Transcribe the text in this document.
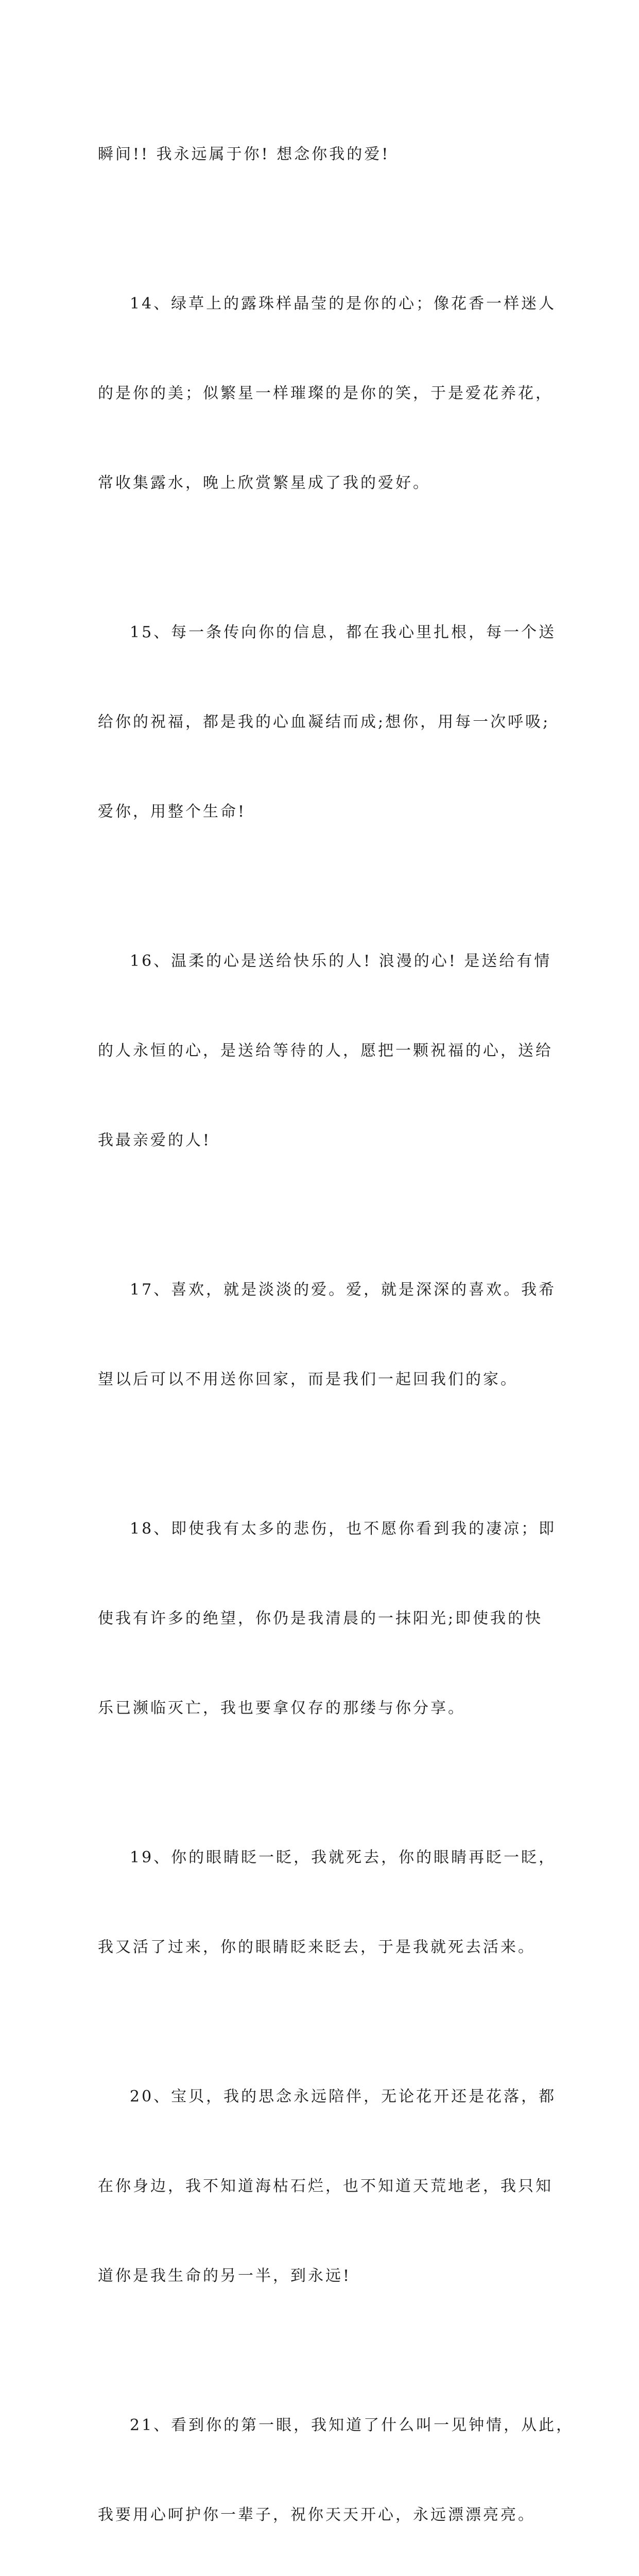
瞬间!! 我永远属于你! 想念你我的爱!

14、绿草上的露珠样晶莹的是你的心；像花香一样迷人

的是你的美；似繁星一样璀璨的是你的笑，于是爱花养花，

常收集露水，晚上欣赏繁星成了我的爱好。

15、每一条传向你的信息，都在我心里扎根，每一个送

给你的祝福，都是我的心血凝结而成;想你，用每一次呼吸;

爱你，用整个生命!

16、温柔的心是送给快乐的人! 浪漫的心! 是送给有情

的人永恒的心，是送给等待的人，愿把一颗祝福的心，送给

我最亲爱的人!

17、喜欢，就是淡淡的爱。爱，就是深深的喜欢。我希

望以后可以不用送你回家，而是我们一起回我们的家。

18、即使我有太多的悲伤，也不愿你看到我的凄凉；即

使我有许多的绝望，你仍是我清晨的一抹阳光;即使我的快

乐已濒临灭亡，我也要拿仅存的那缕与你分享。

19、你的眼睛眨一眨，我就死去，你的眼睛再眨一眨，

我又活了过来，你的眼睛眨来眨去，于是我就死去活来。

20、宝贝，我的思念永远陪伴，无论花开还是花落，都

在你身边，我不知道海枯石烂，也不知道天荒地老，我只知

道你是我生命的另一半，到永远!

21、看到你的第一眼，我知道了什么叫一见钟情，从此，

我要用心呵护你一辈子，祝你天天开心，永远漂漂亮亮。
